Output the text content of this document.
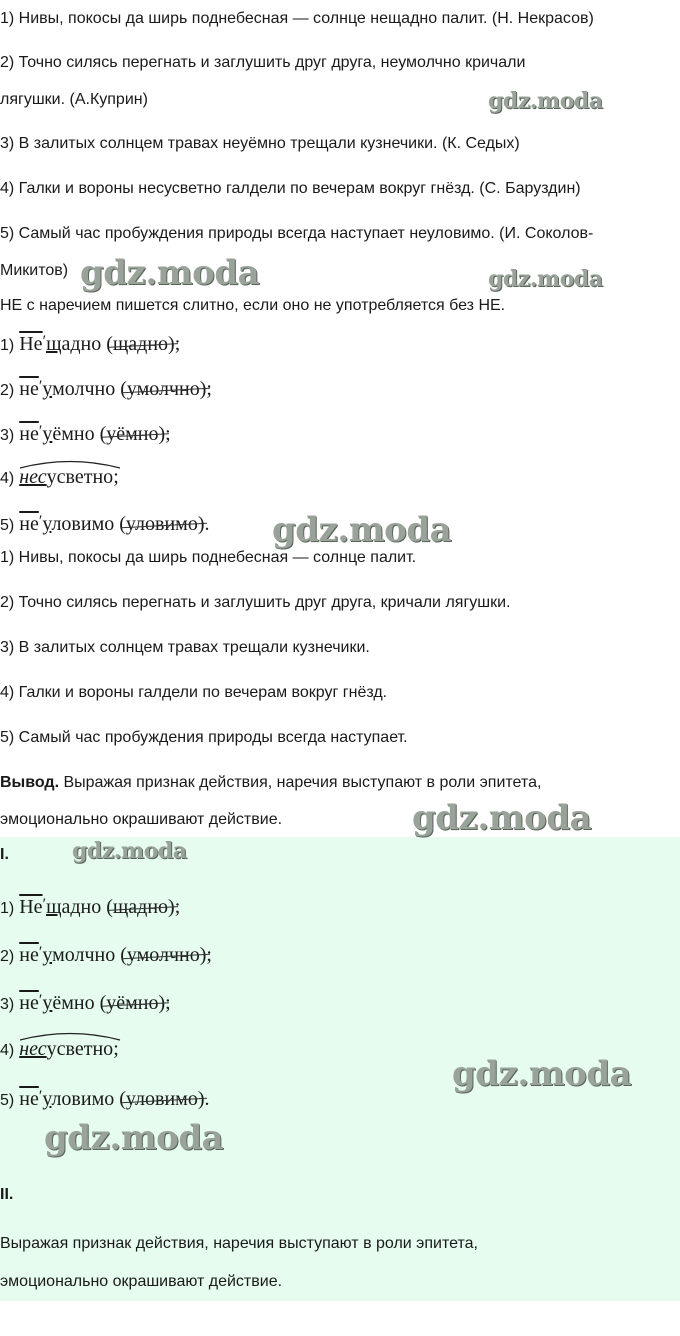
1) Нивы, покосы да ширь поднебесная — солнце нещадно палит. (Н. Некрасов)
2) Точно силясь перегнать и заглушить друг друга, неумолчно кричали
лягушки. (А.Куприн)
3) В залитых солнцем травах неуёмно трещали кузнечики. (К. Седых)
4) Галки и вороны несусветно галдели по вечерам вокруг гнёзд. (С. Баруздин)
5) Самый час пробуждения природы всегда наступает неуловимо. (И. Соколов-
Микитов)
НЕ с наречием пишется слитно, если оно не употребляется без НЕ.
1) Не′щадно (щадно);
2) не′умолчно (умолчно);
3) не′уёмно (уёмно);
4) несусветно;
5) не′уловимо (уловимо).
1) Нивы, покосы да ширь поднебесная — солнце палит.
2) Точно силясь перегнать и заглушить друг друга, кричали лягушки.
3) В залитых солнцем травах трещали кузнечики.
4) Галки и вороны галдели по вечерам вокруг гнёзд.
5) Самый час пробуждения природы всегда наступает.
Вывод. Выражая признак действия, наречия выступают в роли эпитета,
эмоционально окрашивают действие.
I.
1) Не′щадно (щадно);
2) не′умолчно (умолчно);
3) не′уёмно (уёмно);
4) несусветно;
5) не′уловимо (уловимо).
II.
Выражая признак действия, наречия выступают в роли эпитета,
эмоционально окрашивают действие.
gdz.moda
gdz.moda	gdz.moda
gdz.moda
gdz.moda
gdz.moda
gdz.moda
gdz.moda
